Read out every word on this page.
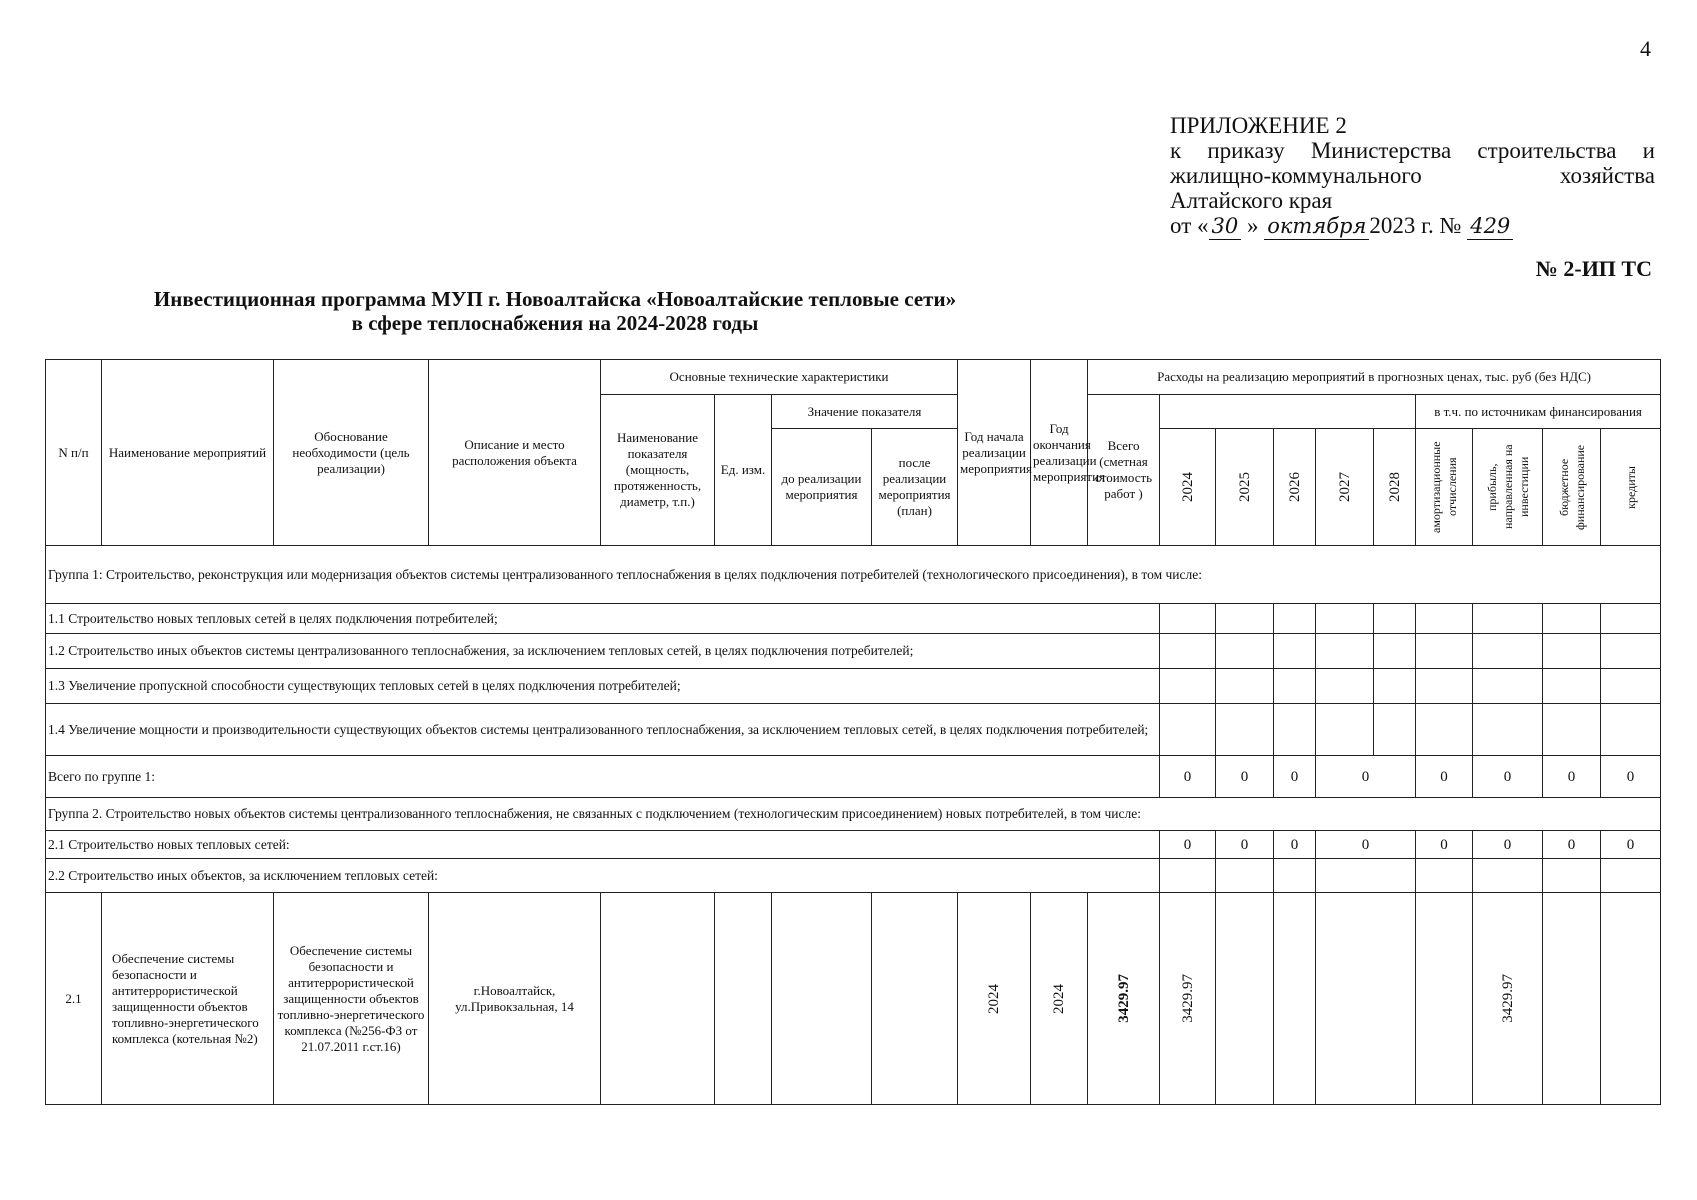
4
ПРИЛОЖЕНИЕ 2
к приказу Министерства строительства и
жилищно-коммунального хозяйства
Алтайского края
от « 30 » октября 2023 г. № 429
№ 2-ИП ТС
Инвестиционная программа МУП г. Новоалтайска «Новоалтайские тепловые сети»
в сфере теплоснабжения на 2024-2028 годы
N п/п	Наименование мероприятий	Обоснование необходимости (цель реализации)	Описание и место расположения объекта	Основные технические характеристики				Год начала реализации мероприятия	Год окончания реализации мероприятия	Расходы на реализацию мероприятий в прогнозных ценах, тыс. руб (без НДС)										
				Наименование показателя (мощность, протяженность, диаметр, т.п.)	Ед. изм.	Значение показателя				Всего (сметная стоимость работ )						в т.ч. по источникам финансирования				
						до реализации мероприятия	после реализации мероприятия (план)				2024	2025	2026	2027	2028	амортизационные отчисления	прибыль, направленная на инвестиции	бюджетное финансирование	кредиты	

Группа 1: Строительство, реконструкция или модернизация объектов системы централизованного теплоснабжения в целях подключения потребителей (технологического присоединения), в том числе:																				
1.1 Строительство новых тепловых сетей в целях подключения потребителей;																				
1.2 Строительство иных объектов системы централизованного теплоснабжения, за исключением тепловых сетей, в целях подключения потребителей;																				
1.3 Увеличение пропускной способности существующих тепловых сетей в целях подключения потребителей;																				
1.4 Увеличение мощности и производительности существующих объектов системы централизованного теплоснабжения, за исключением тепловых сетей, в целях подключения потребителей;																				
Всего по группе 1:											0	0	0	0		0	0	0	0	
Группа 2. Строительство новых объектов системы централизованного теплоснабжения, не связанных с подключением (технологическим присоединением) новых потребителей, в том числе:																				
2.1 Строительство новых тепловых сетей:											0	0	0	0		0	0	0	0	
2.2 Строительство иных объектов, за исключением тепловых сетей:																				
2.1	Обеспечение системы безопасности и антитеррористической защищенности объектов топливно-энергетического комплекса (котельная №2)	Обеспечение системы безопасности и антитеррористической защищенности объектов топливно-энергетического комплекса (№256-ФЗ от 21.07.2011 г.ст.16)	г.Новоалтайск, ул.Привокзальная, 14					2024	2024	3429.97	3429.97						3429.97			
